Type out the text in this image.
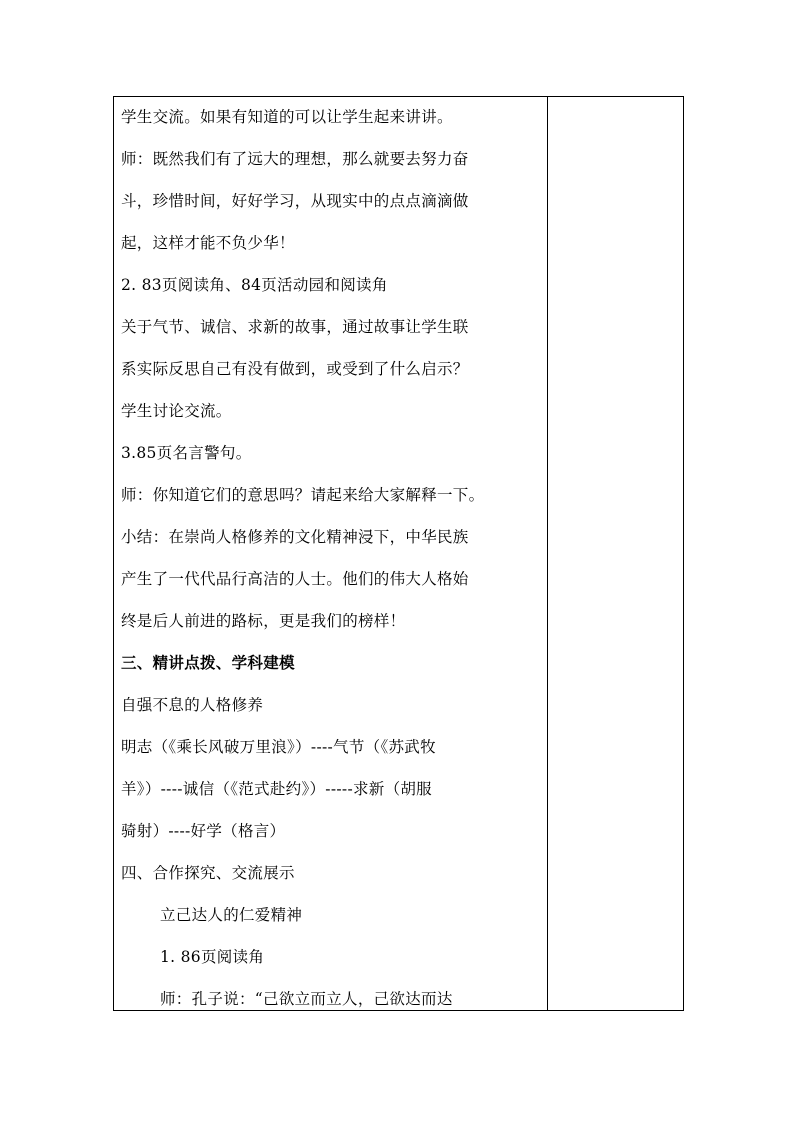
学生交流。如果有知道的可以让学生起来讲讲。
师：既然我们有了远大的理想，那么就要去努力奋
斗，珍惜时间，好好学习，从现实中的点点滴滴做
起，这样才能不负少华！
2. 83页阅读角、84页活动园和阅读角
关于气节、诚信、求新的故事，通过故事让学生联
系实际反思自己有没有做到，或受到了什么启示？
学生讨论交流。
3.85页名言警句。
师：你知道它们的意思吗？请起来给大家解释一下。
小结：在崇尚人格修养的文化精神浸下，中华民族
产生了一代代品行高洁的人士。他们的伟大人格始
终是后人前进的路标，更是我们的榜样！
三、精讲点拨、学科建模
自强不息的人格修养
明志（《乘长风破万里浪》）----气节（《苏武牧
羊》）----诚信（《范式赴约》）-----求新（胡服
骑射）----好学（格言）
四、合作探究、交流展示
立己达人的仁爱精神
1. 86页阅读角
师：孔子说：“己欲立而立人，己欲达而达
